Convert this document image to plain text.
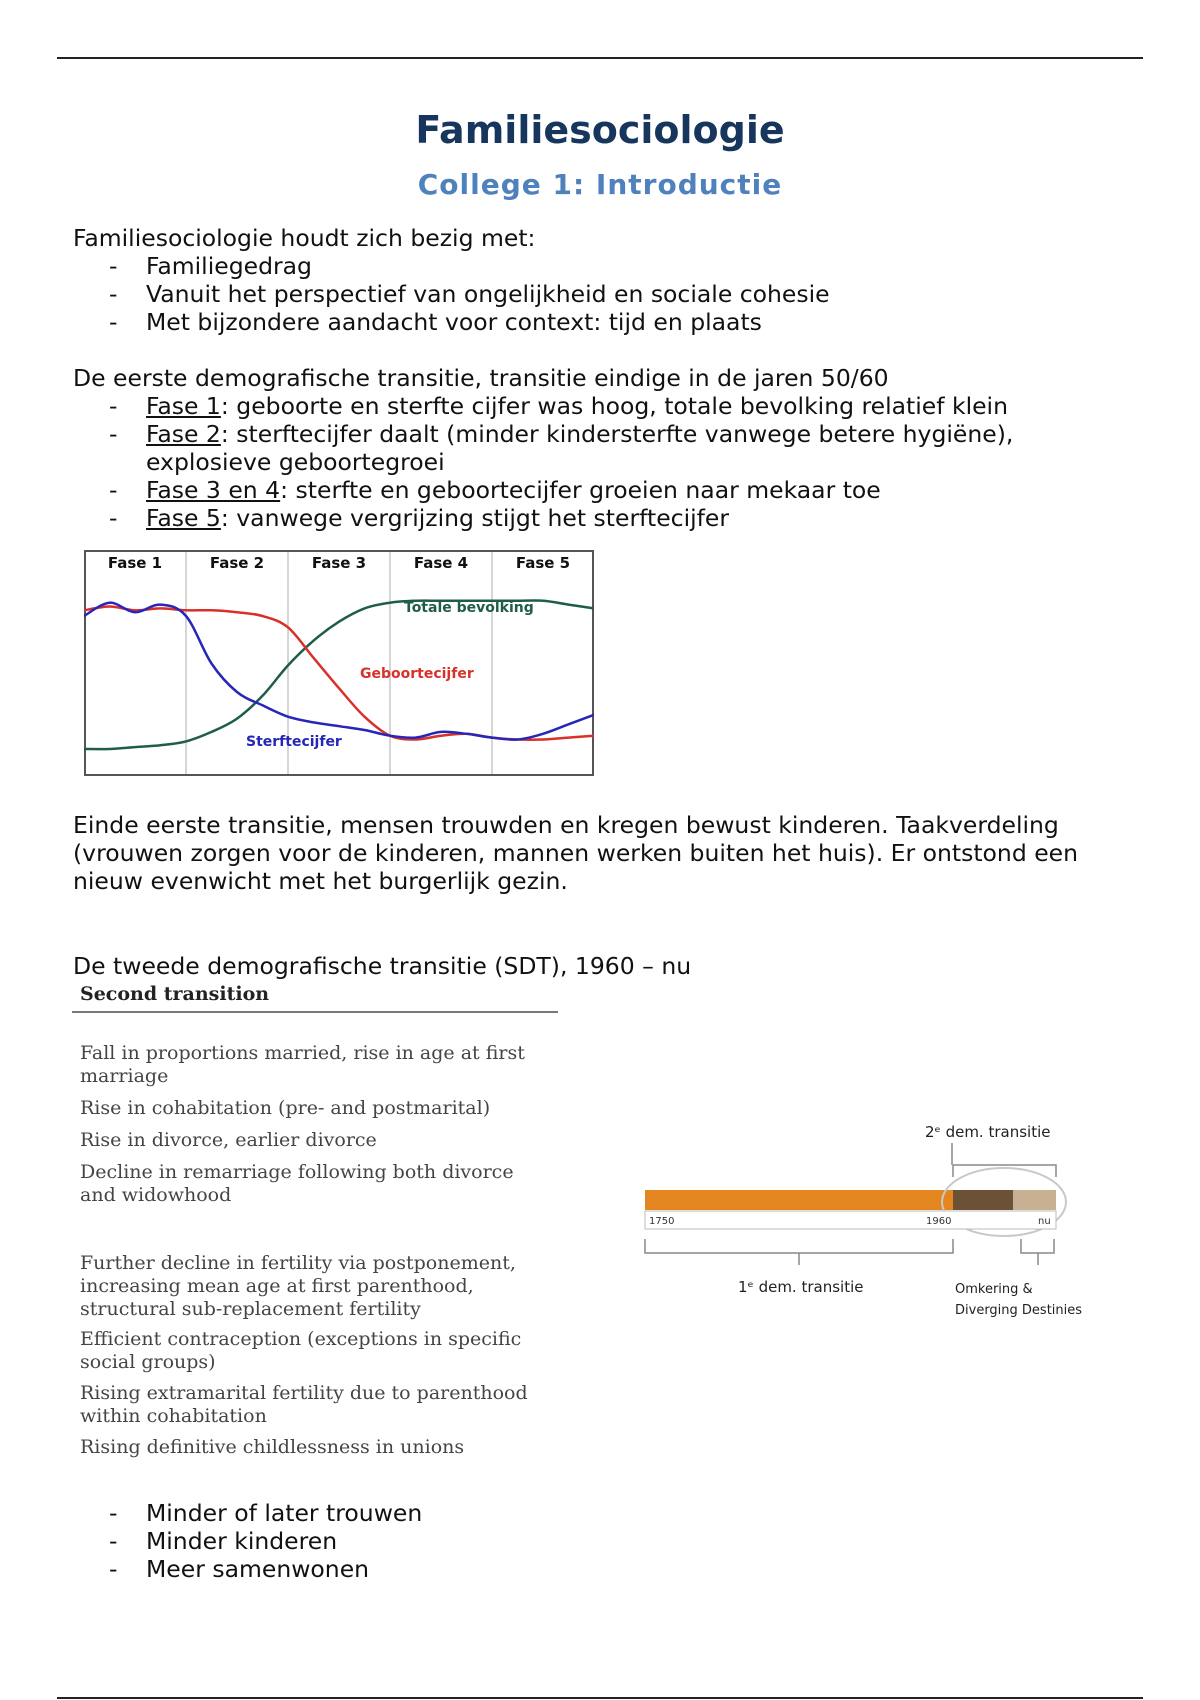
Familiesociologie
College 1: Introductie
Familiesociologie houdt zich bezig met:
- Familiegedrag
- Vanuit het perspectief van ongelijkheid en sociale cohesie
- Met bijzondere aandacht voor context: tijd en plaats
De eerste demografische transitie, transitie eindige in de jaren 50/60
- Fase 1: geboorte en sterfte cijfer was hoog, totale bevolking relatief klein
- Fase 2: sterftecijfer daalt (minder kindersterfte vanwege betere hygiëne), explosieve geboortegroei
- Fase 3 en 4: sterfte en geboortecijfer groeien naar mekaar toe
- Fase 5: vanwege vergrijzing stijgt het sterftecijfer
Fase 1	Fase 2	Fase 3	Fase 4	Fase 5
Totale bevolking
Geboortecijfer
Sterftecijfer
Einde eerste transitie, mensen trouwden en kregen bewust kinderen. Taakverdeling (vrouwen zorgen voor de kinderen, mannen werken buiten het huis). Er ontstond een nieuw evenwicht met het burgerlijk gezin.
De tweede demografische transitie (SDT), 1960 – nu
Second transition
Fall in proportions married, rise in age at first marriage
Rise in cohabitation (pre- and postmarital)
Rise in divorce, earlier divorce
Decline in remarriage following both divorce and widowhood
Further decline in fertility via postponement, increasing mean age at first parenthood, structural sub-replacement fertility
Efficient contraception (exceptions in specific social groups)
Rising extramarital fertility due to parenthood within cohabitation
Rising definitive childlessness in unions
2ᵉ dem. transitie
1750	1960	nu
1ᵉ dem. transitie	Omkering &
Diverging Destinies
- Minder of later trouwen
- Minder kinderen
- Meer samenwonen
